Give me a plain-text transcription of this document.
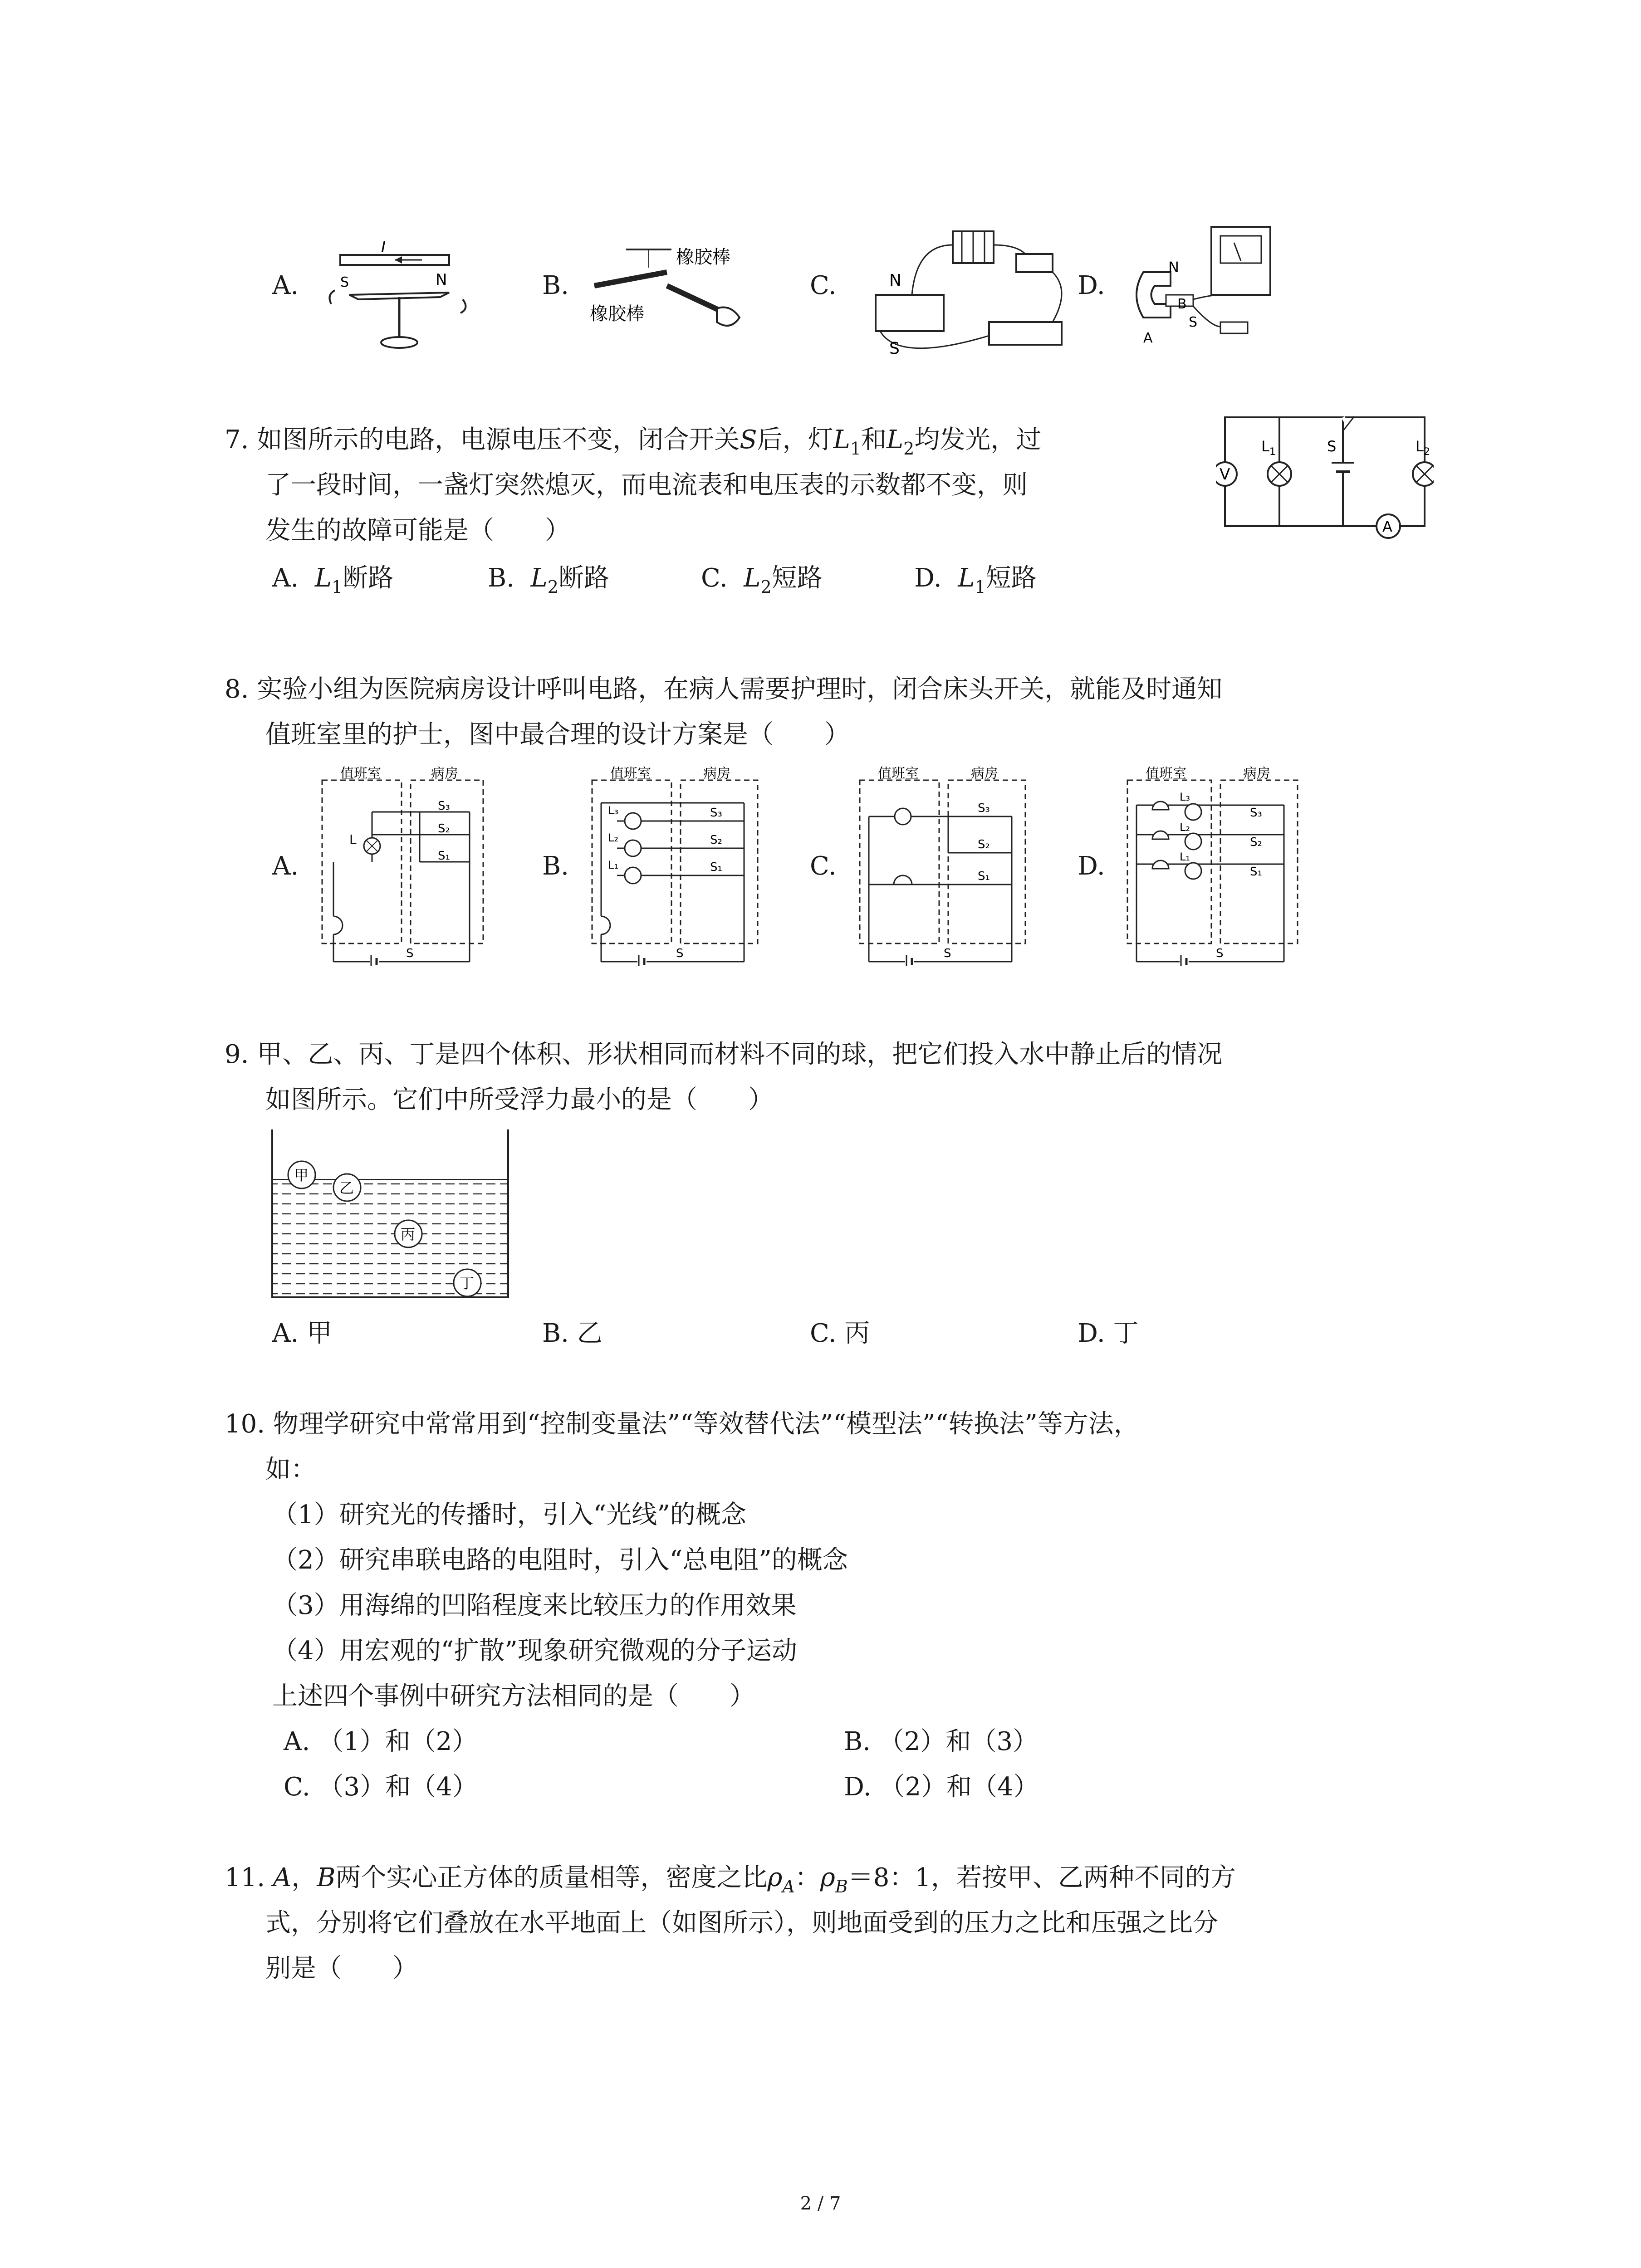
A.
I
S	N	B.
橡胶棒
橡胶棒
C.	N
S
D.
N
B
S
A
7. 如图所示的电路，电源电压不变，闭合开关S后，灯$L_1$和$L_2$均发光，过
了一段时间，一盏灯突然熄灭，而电流表和电压表的示数都不变，则
发生的故障可能是（　　）
A. $L_1$断路	B. $L_2$断路	C. $L_2$短路	D. $L_1$短路
V
A
$L_1$	S	$L_2$
8. 实验小组为医院病房设计呼叫电路，在病人需要护理时，闭合床头开关，就能及时通知
值班室里的护士，图中最合理的设计方案是（　　）
A.
值班室	病房
L
S₃
S₂
S₁
S
B.
值班室	病房
L₃
L₂
L₁
S₃
S₂
S₁
S
C.
值班室	病房
S₃
S₂
S₁
S
D.
值班室	病房
L₃
L₂
L₁
S₃
S₂
S₁
S
9. 甲、乙、丙、丁是四个体积、形状相同而材料不同的球，把它们投入水中静止后的情况
如图所示。它们中所受浮力最小的是（　　）
甲
乙
丙
丁
A. 甲	B. 乙	C. 丙	D. 丁
10. 物理学研究中常常用到“控制变量法”“等效替代法”“模型法”“转换法”等方法，
如：
（1）研究光的传播时，引入“光线”的概念
（2）研究串联电路的电阻时，引入“总电阻”的概念
（3）用海绵的凹陷程度来比较压力的作用效果
（4）用宏观的“扩散”现象研究微观的分子运动
上述四个事例中研究方法相同的是（　　）
A. （1）和（2）	B. （2）和（3）
C. （3）和（4）	D. （2）和（4）
11. A，B两个实心正方体的质量相等，密度之比$\rho_A$：$\rho_B=8$：1，若按甲、乙两种不同的方
式，分别将它们叠放在水平地面上（如图所示），则地面受到的压力之比和压强之比分
别是（　　）
2 / 7
